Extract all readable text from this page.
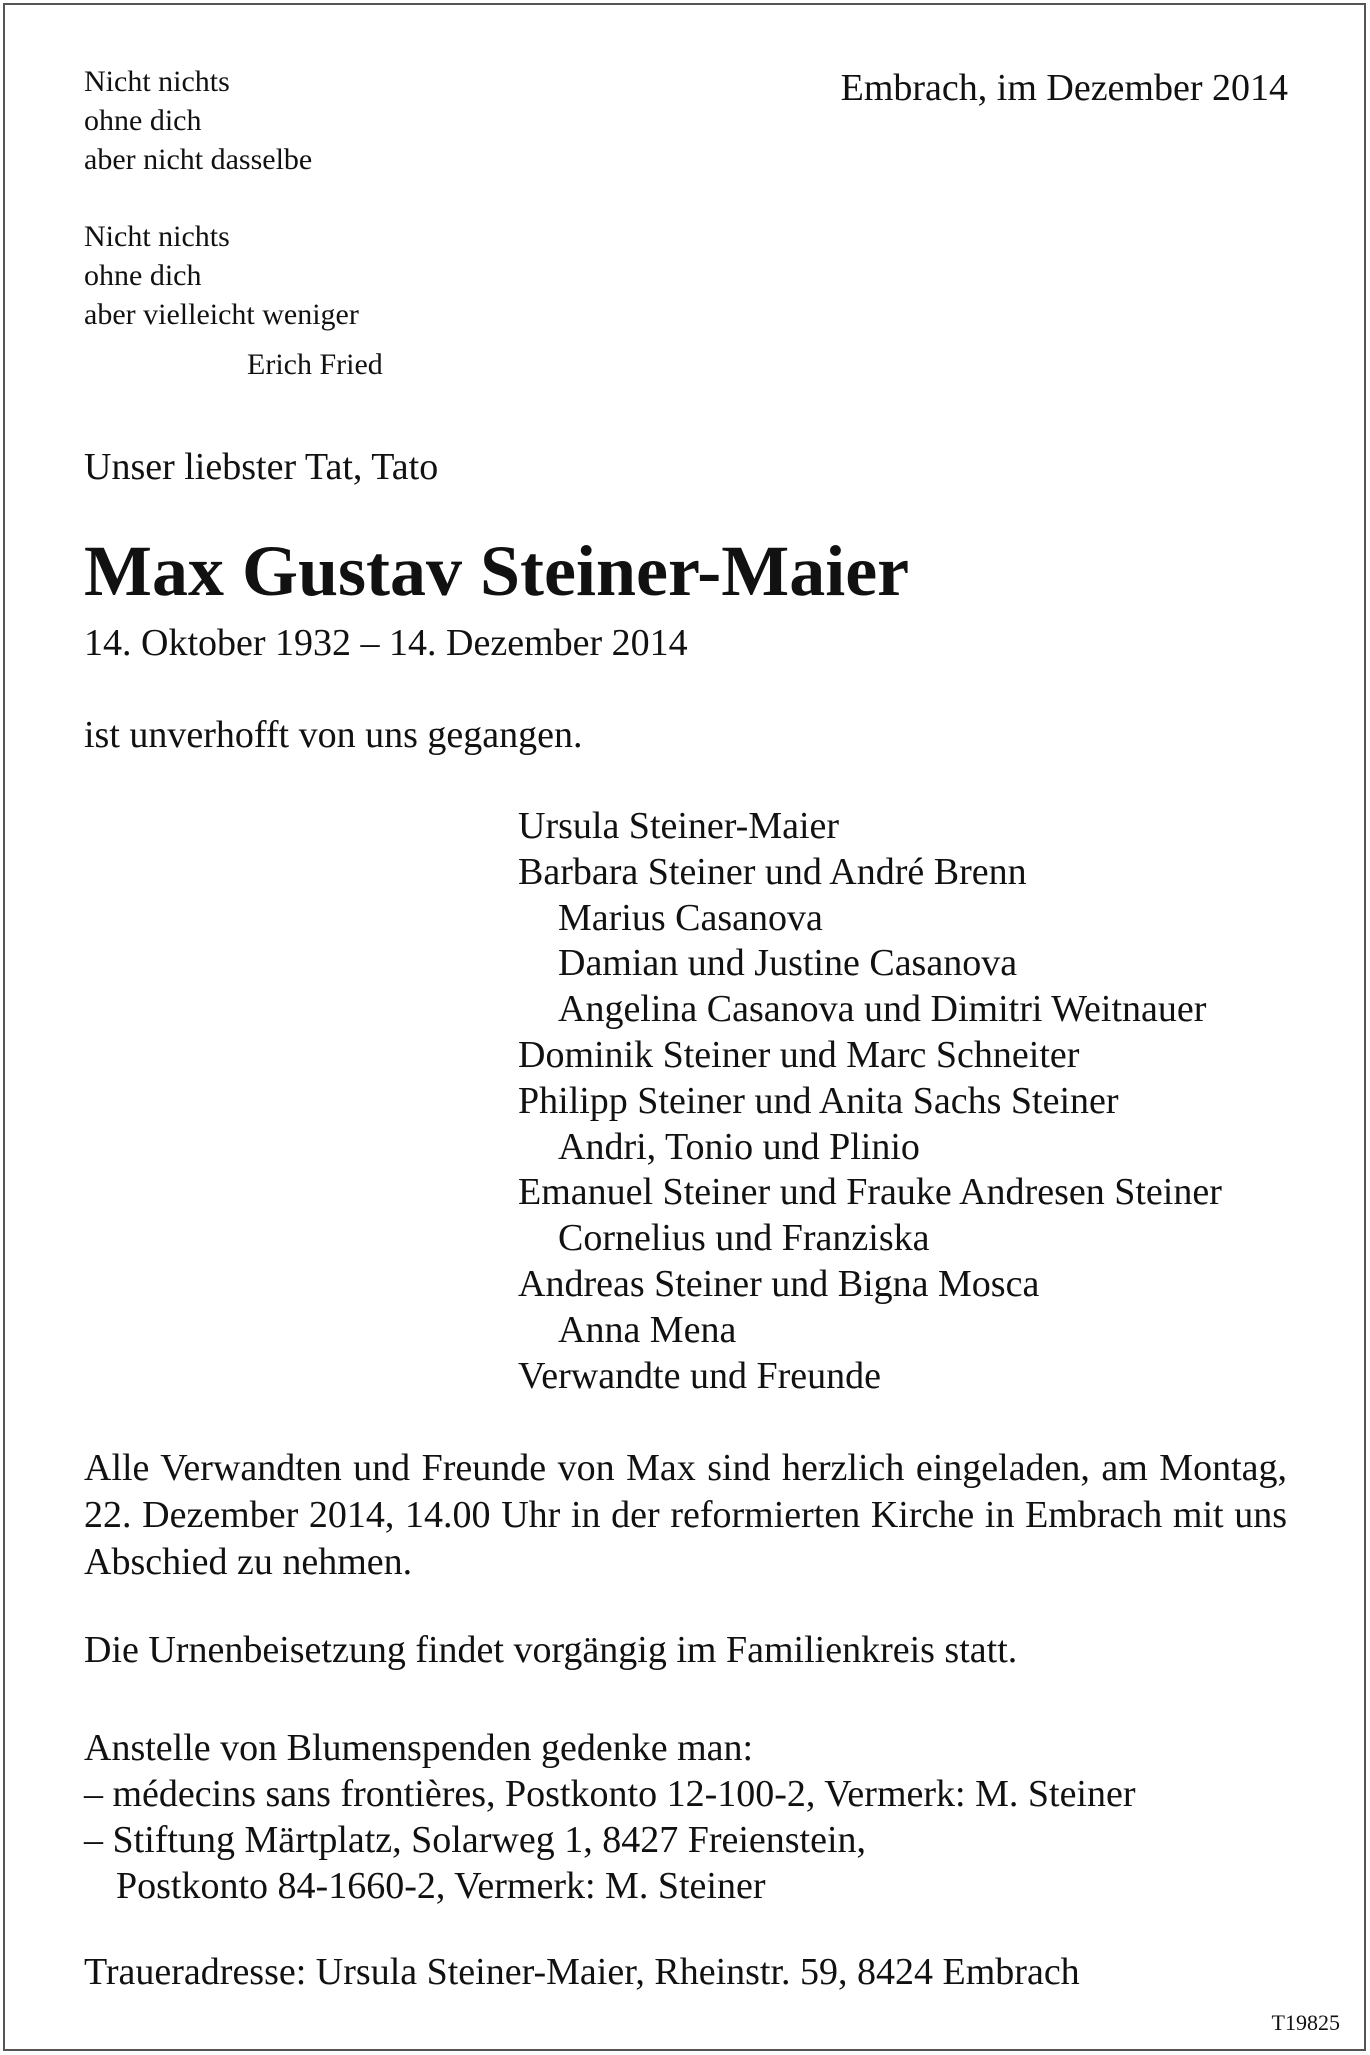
Nicht nichts
ohne dich
aber nicht dasselbe
Nicht nichts
ohne dich
aber vielleicht weniger
Erich Fried
Embrach, im Dezember 2014
Unser liebster Tat, Tato
Max Gustav Steiner-Maier
14. Oktober 1932 – 14. Dezember 2014
ist unverhofft von uns gegangen.
Ursula Steiner-Maier
Barbara Steiner und André Brenn
Marius Casanova
Damian und Justine Casanova
Angelina Casanova und Dimitri Weitnauer
Dominik Steiner und Marc Schneiter
Philipp Steiner und Anita Sachs Steiner
Andri, Tonio und Plinio
Emanuel Steiner und Frauke Andresen Steiner
Cornelius und Franziska
Andreas Steiner und Bigna Mosca
Anna Mena
Verwandte und Freunde
Alle Verwandten und Freunde von Max sind herzlich eingeladen, am Montag, 22. Dezember 2014, 14.00 Uhr in der reformierten Kirche in Embrach mit uns Abschied zu nehmen.
Die Urnenbeisetzung findet vorgängig im Familienkreis statt.
Anstelle von Blumenspenden gedenke man:
– médecins sans frontières, Postkonto 12-100-2, Vermerk: M. Steiner
– Stiftung Märtplatz, Solarweg 1, 8427 Freienstein,
Postkonto 84-1660-2, Vermerk: M. Steiner
Traueradresse: Ursula Steiner-Maier, Rheinstr. 59, 8424 Embrach
T19825
